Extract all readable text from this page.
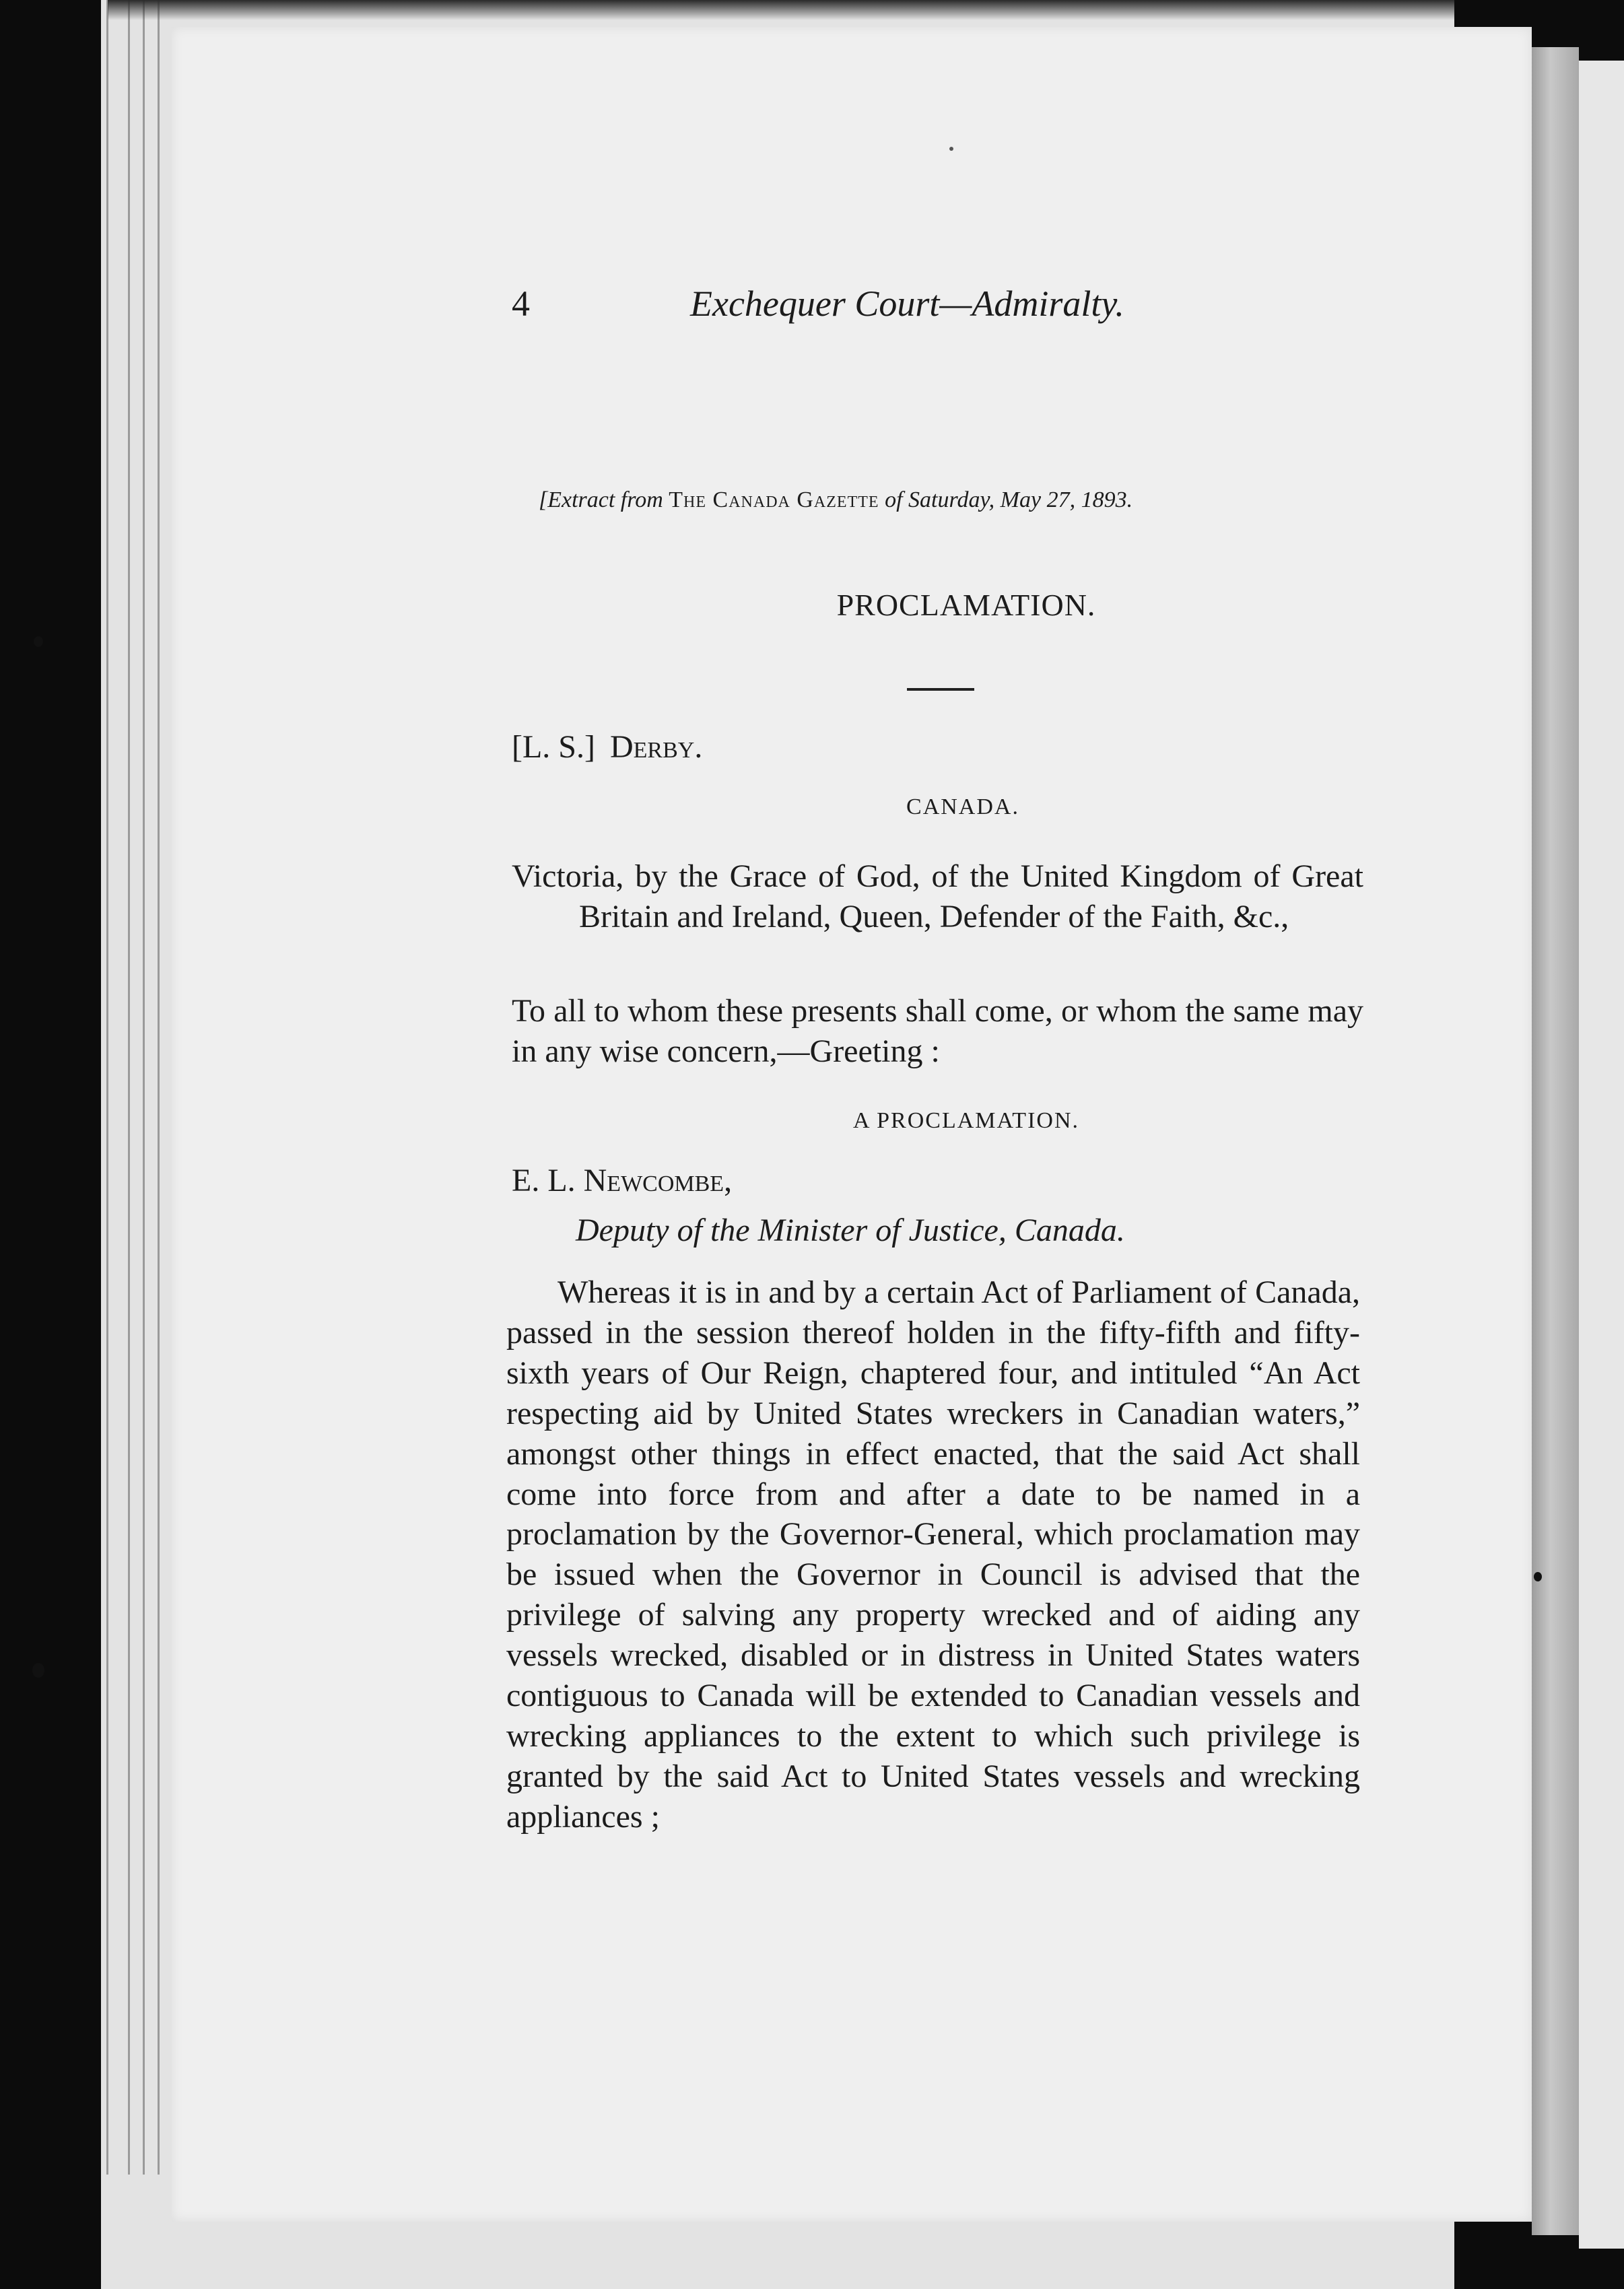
4	Exchequer Court—Admiralty.
[Extract from The Canada Gazette of Saturday, May 27, 1893.
PROCLAMATION.
[L. S.] Derby.
CANADA.
Victoria, by the Grace of God, of the United Kingdom of Great Britain and Ireland, Queen, Defender of the Faith, &c.,
To all to whom these presents shall come, or whom the same may in any wise concern,—Greeting :
A PROCLAMATION.
E. L. Newcombe,
Deputy of the Minister of Justice, Canada.
Whereas it is in and by a certain Act of Parliament of Canada, passed in the session thereof holden in the fifty-fifth and fifty-sixth years of Our Reign, chaptered four, and intituled “An Act respecting aid by United States wreckers in Canadian waters,” amongst other things in effect enacted, that the said Act shall come into force from and after a date to be named in a proclamation by the Governor-General, which proclamation may be issued when the Governor in Council is advised that the privilege of salving any property wrecked and of aiding any vessels wrecked, disabled or in distress in United States waters contiguous to Canada will be extended to Canadian vessels and wrecking appliances to the extent to which such privilege is granted by the said Act to United States vessels and wrecking appliances ;
